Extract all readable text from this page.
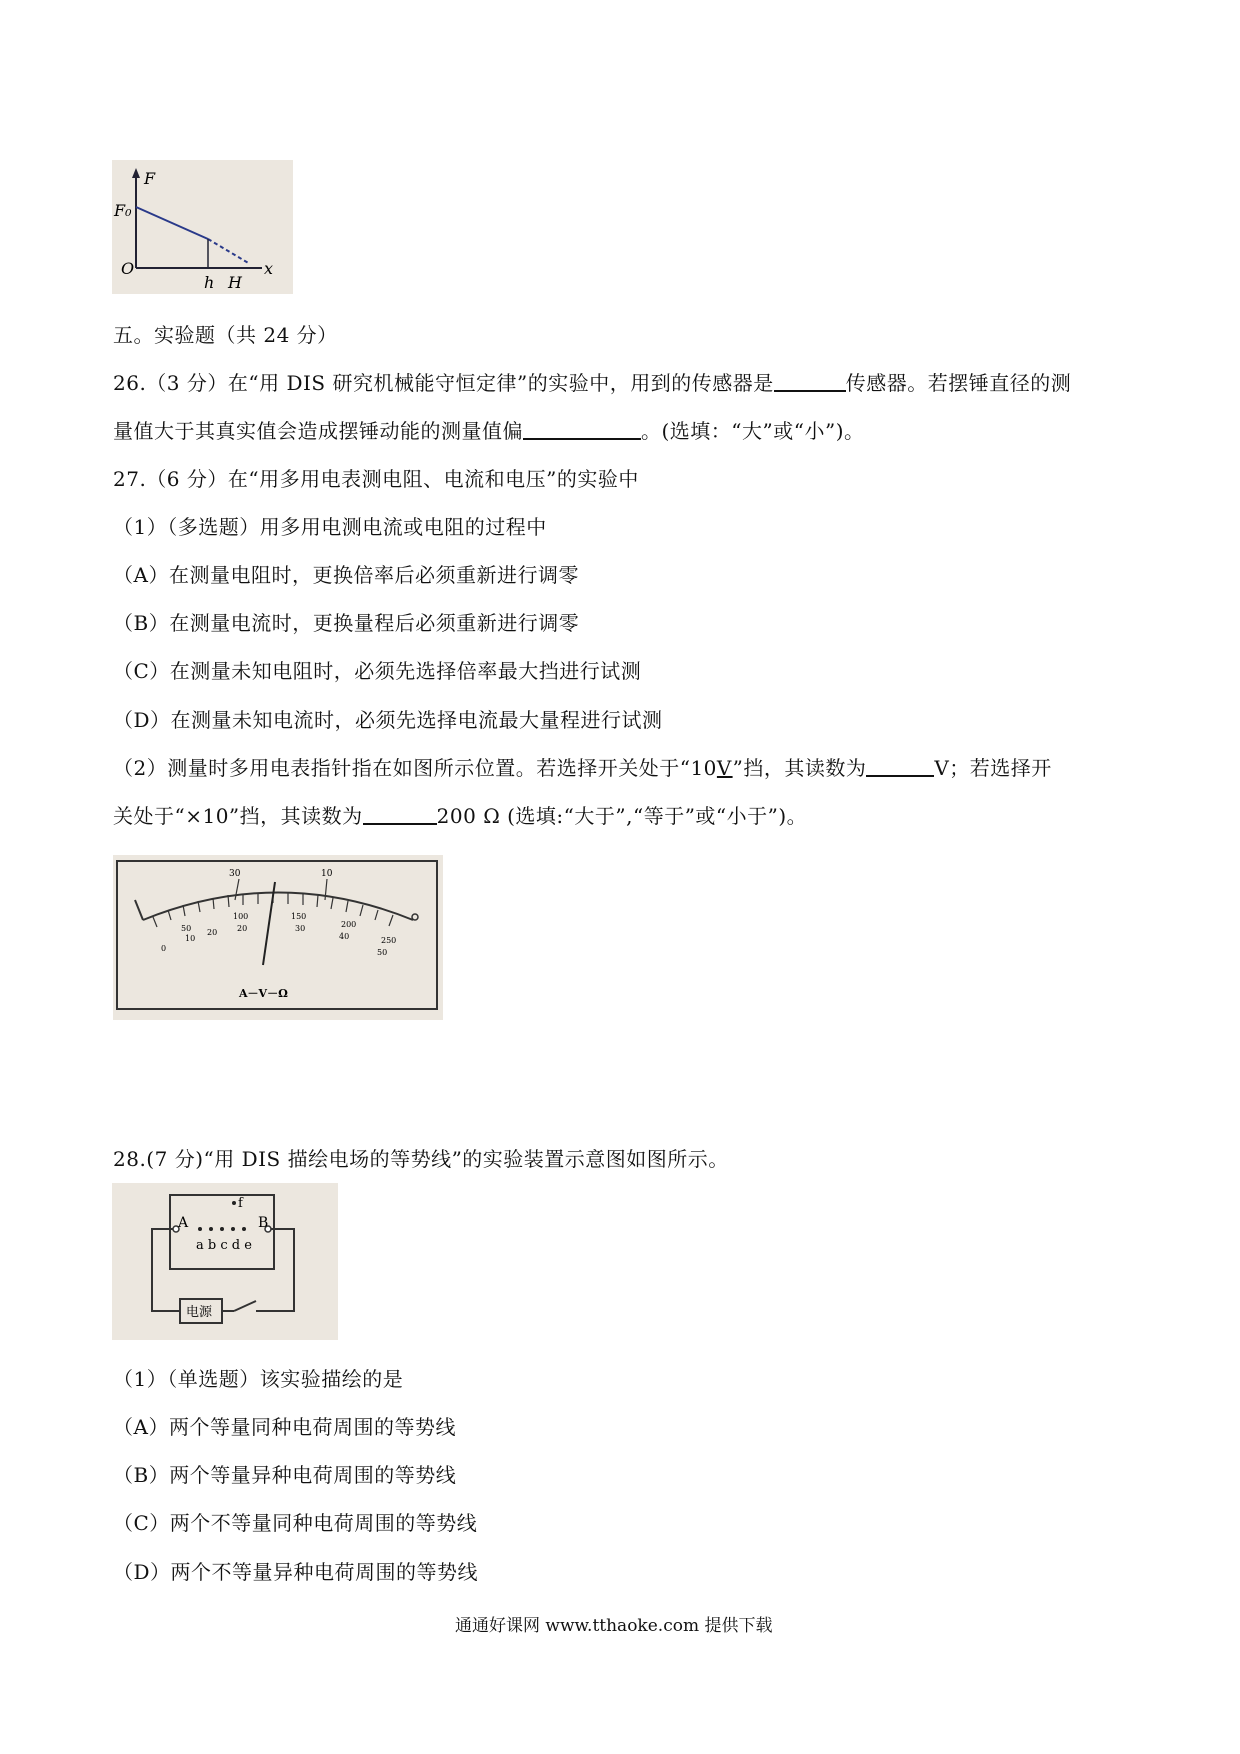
F
F₀
O
h H
x
五。实验题（共 24 分）
26.（3 分）在“用 DIS 研究机械能守恒定律”的实验中，用到的传感器是	传感器。若摆锤直径的测
量值大于其真实值会造成摆锤动能的测量值偏	。(选填：“大”或“小”)。
27.（6 分）在“用多用电表测电阻、电流和电压”的实验中
（1）（多选题）用多用电测电流或电阻的过程中
（A）在测量电阻时，更换倍率后必须重新进行调零
（B）在测量电流时，更换量程后必须重新进行调零
（C）在测量未知电阻时，必须先选择倍率最大挡进行试测
（D）在测量未知电流时，必须先选择电流最大量程进行试测
（2）测量时多用电表指针指在如图所示位置。若选择开关处于“10V”挡，其读数为	V；若选择开
关处于“×10”挡，其读数为	200 Ω (选填:“大于”,“等于”或“小于”)。
30	10
0
10
20
50
100	150
200
250
20	30
40
50
A－V－Ω
28.(7 分)“用 DIS 描绘电场的等势线”的实验装置示意图如图所示。
A	B
f
a b c d e
电源
（1）（单选题）该实验描绘的是
（A）两个等量同种电荷周围的等势线
（B）两个等量异种电荷周围的等势线
（C）两个不等量同种电荷周围的等势线
（D）两个不等量异种电荷周围的等势线
通通好课网 www.tthaoke.com 提供下载
